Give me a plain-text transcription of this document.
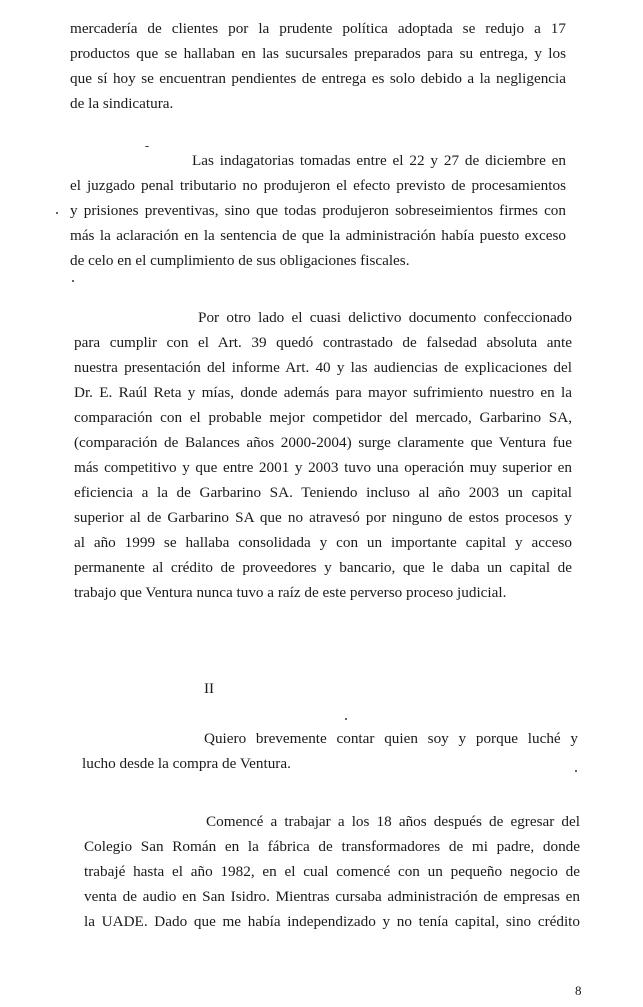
mercadería de clientes por la prudente política adoptada se redujo a 17
productos que se hallaban en las sucursales preparados para su entrega, y los
que sí hoy se encuentran pendientes de entrega es solo debido a la negligencia
de la sindicatura.
Las indagatorias tomadas entre el 22 y 27 de diciembre en
el juzgado penal tributario no produjeron el efecto previsto de procesamientos
y prisiones preventivas, sino que todas produjeron sobreseimientos firmes con
más la aclaración en la sentencia de que la administración había puesto exceso
de celo en el cumplimiento de sus obligaciones fiscales.
Por otro lado el cuasi delictivo documento confeccionado
para cumplir con el Art. 39 quedó contrastado de falsedad absoluta ante
nuestra presentación del informe Art. 40 y las audiencias de explicaciones del
Dr. E. Raúl Reta y mías, donde además para mayor sufrimiento nuestro en la
comparación con el probable mejor competidor del mercado, Garbarino SA,
(comparación de Balances años 2000-2004) surge claramente que Ventura fue
más competitivo y que entre 2001 y 2003 tuvo una operación muy superior en
eficiencia a la de Garbarino SA. Teniendo incluso al año 2003 un capital
superior al de Garbarino SA que no atravesó por ninguno de estos procesos y
al año 1999 se hallaba consolidada y con un importante capital y acceso
permanente al crédito de proveedores y bancario, que le daba un capital de
trabajo que Ventura nunca tuvo a raíz de este perverso proceso judicial.

II

Quiero brevemente contar quien soy y porque luché y
lucho desde la compra de Ventura.
Comencé a trabajar a los 18 años después de egresar del
Colegio San Román en la fábrica de transformadores de mi padre, donde
trabajé hasta el año 1982, en el cual comencé con un pequeño negocio de
venta de audio en San Isidro. Mientras cursaba administración de empresas en
la UADE. Dado que me había independizado y no tenía capital, sino crédito

8
